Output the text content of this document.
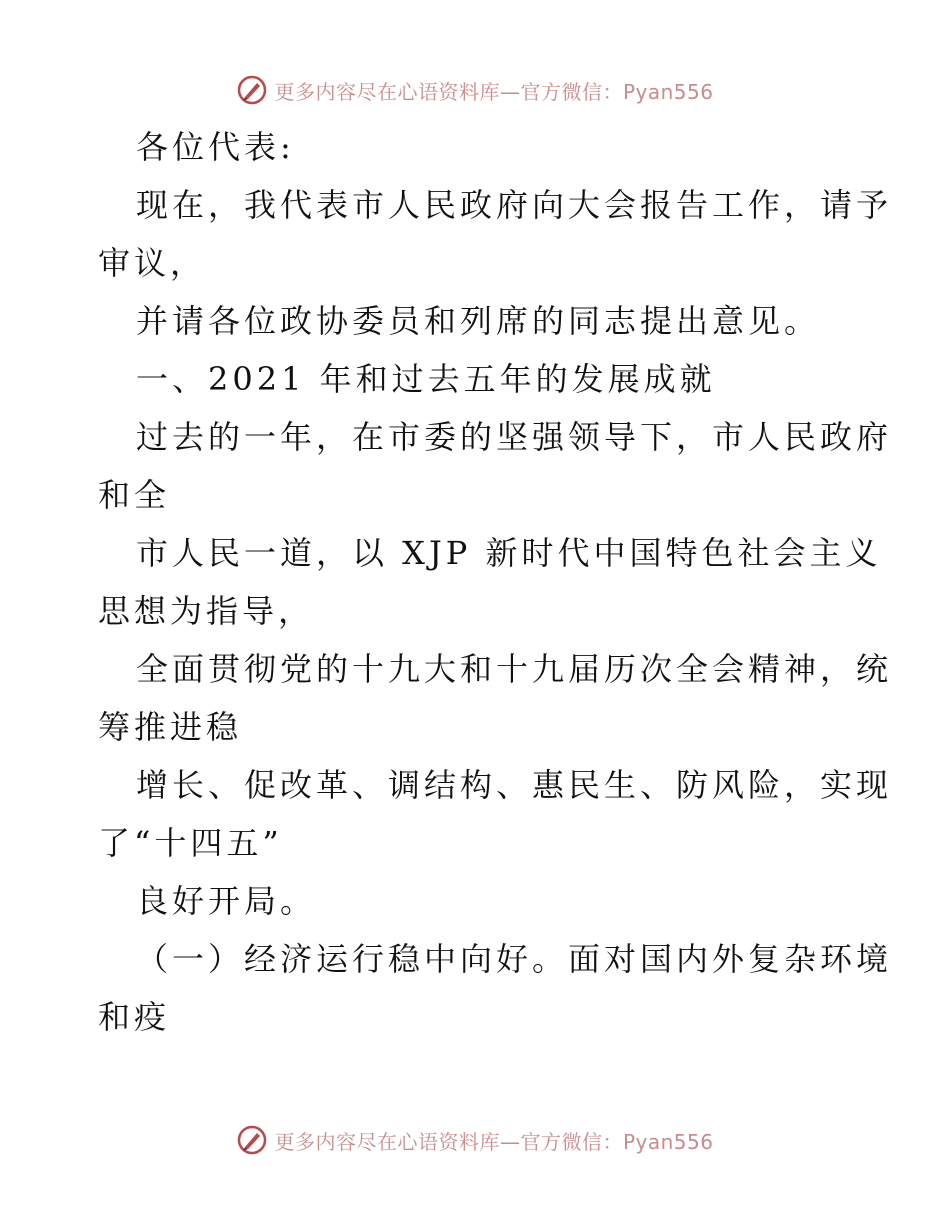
更多内容尽在心语资料库—官方微信：Pyan556
各位代表:
现在，我代表市人民政府向大会报告工作，请予
审议，
并请各位政协委员和列席的同志提出意见。
一、2021 年和过去五年的发展成就
过去的一年，在市委的坚强领导下，市人民政府
和全
市人民一道，以 XJP 新时代中国特色社会主义
思想为指导，
全面贯彻党的十九大和十九届历次全会精神，统
筹推进稳
增长、促改革、调结构、惠民生、防风险，实现
了“十四五”
良好开局。
（一）经济运行稳中向好。面对国内外复杂环境
和疫
更多内容尽在心语资料库—官方微信：Pyan556
